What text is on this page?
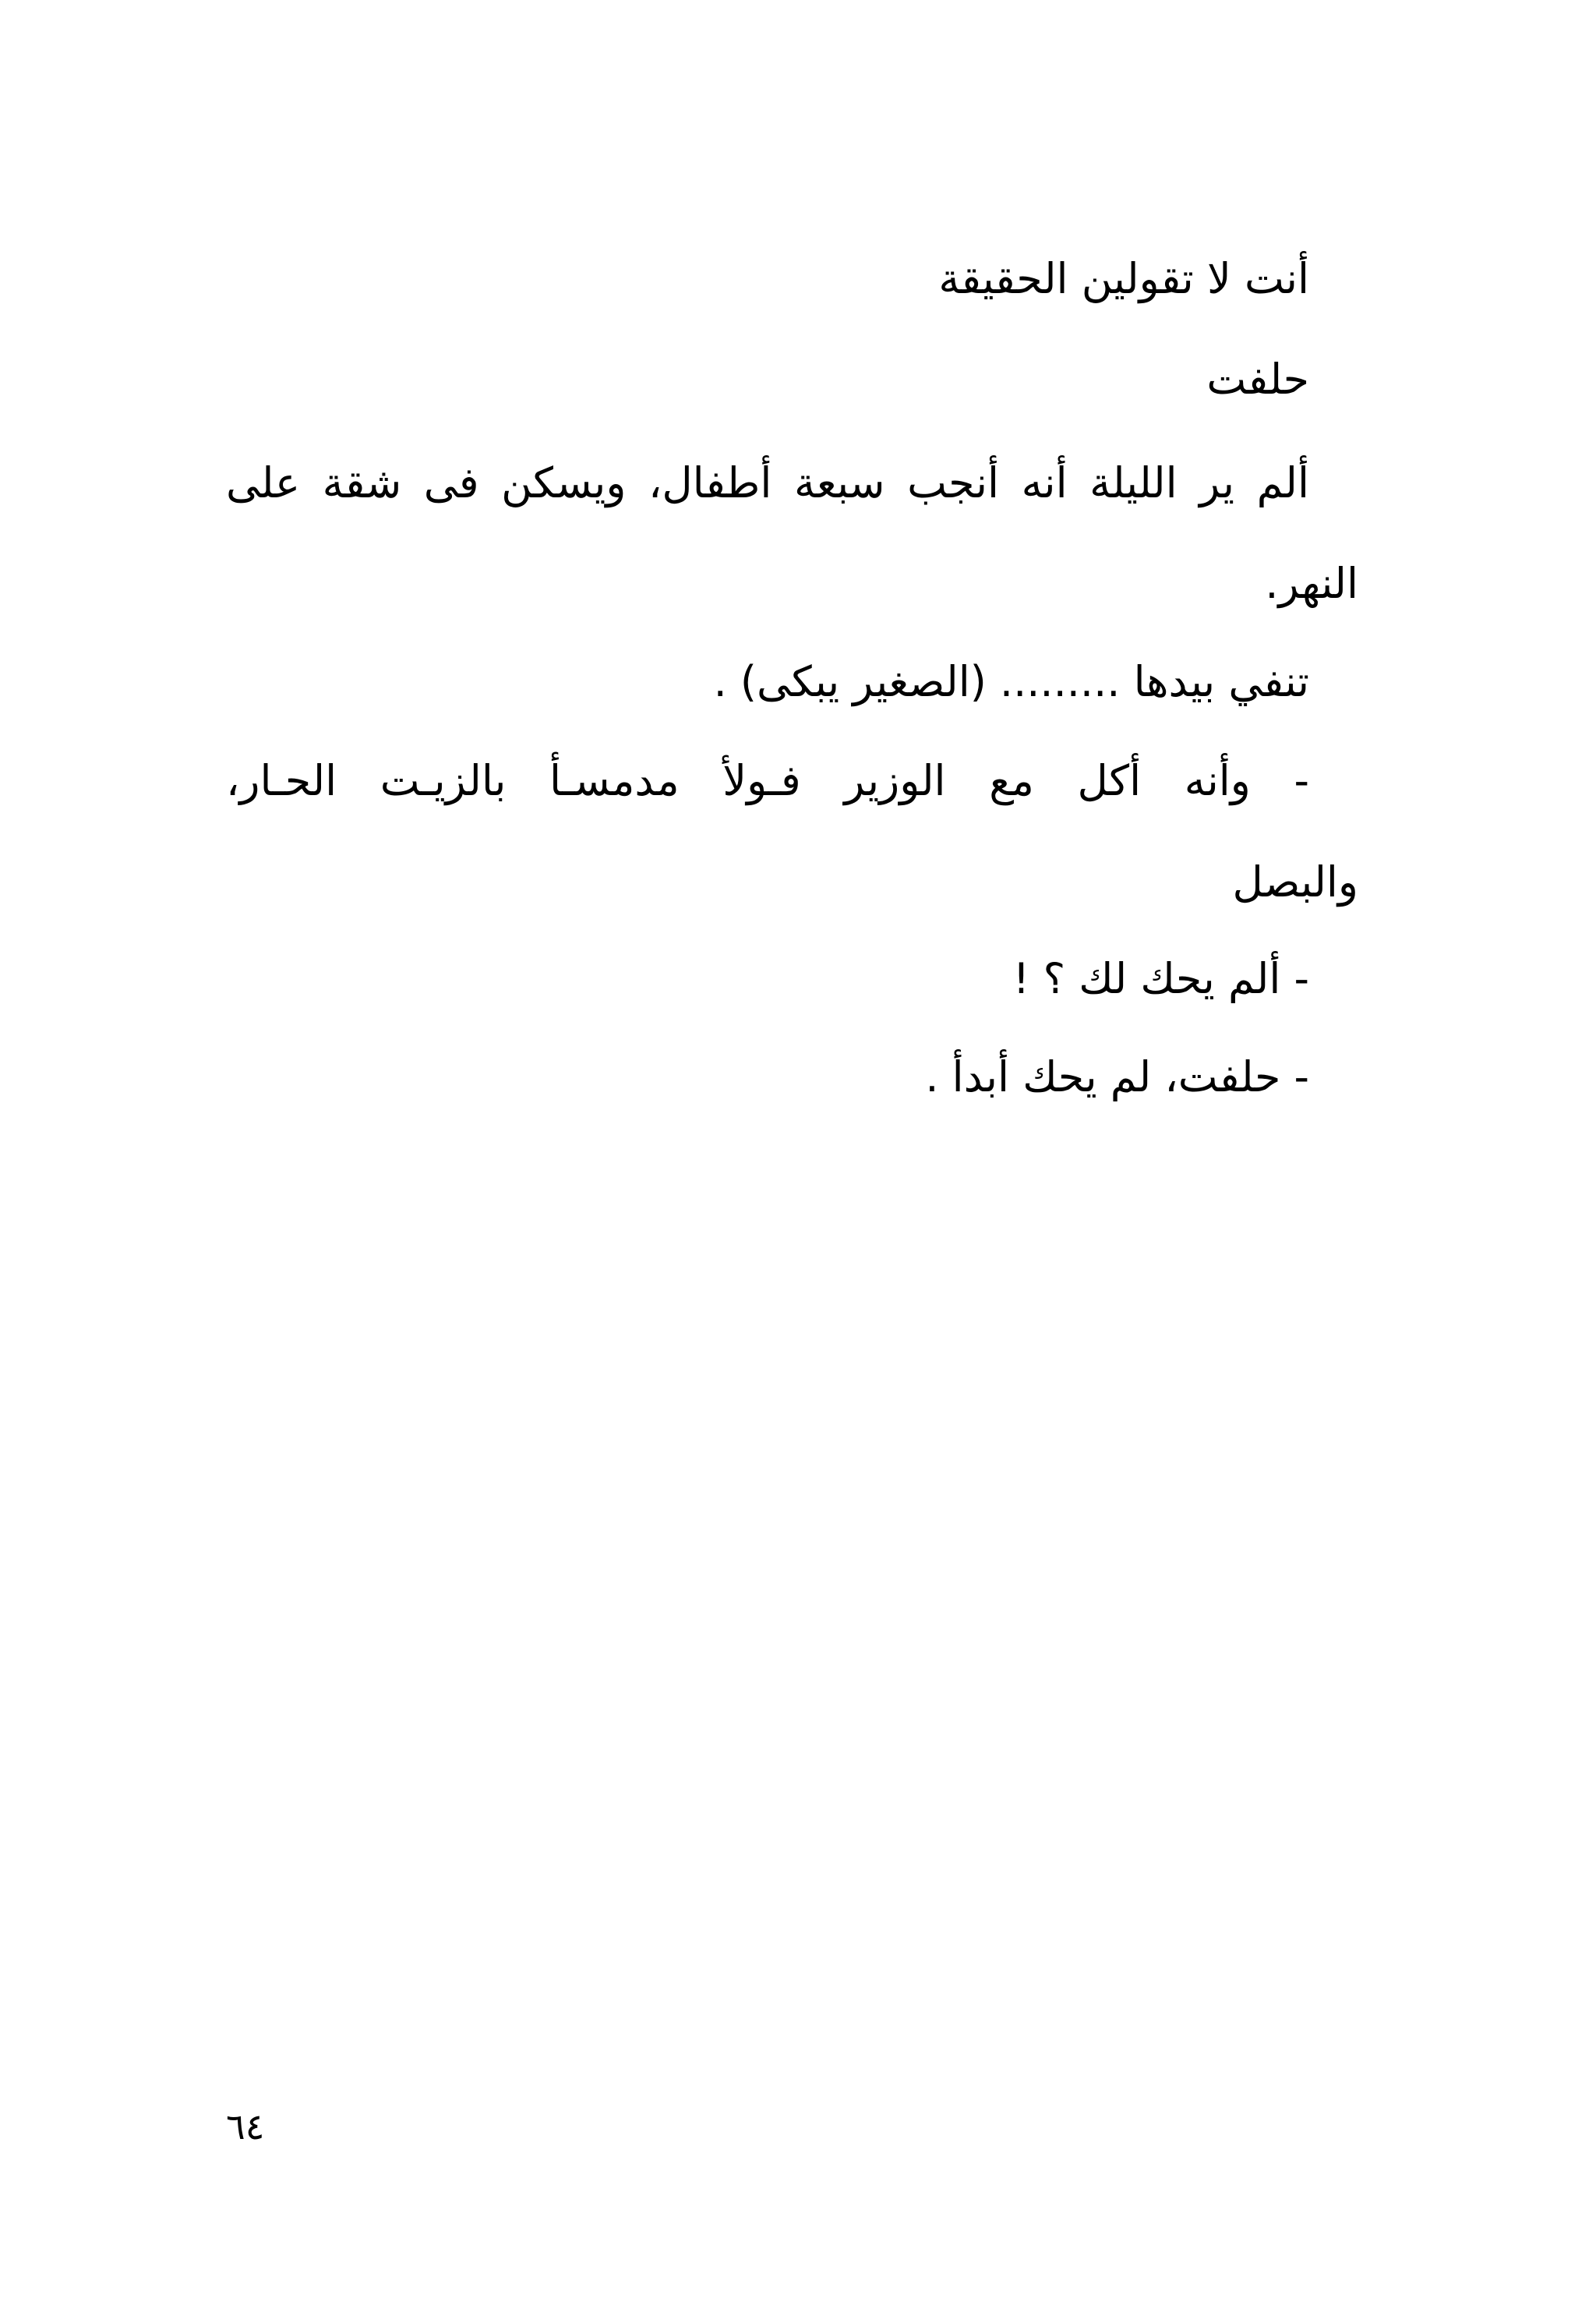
أنت لا تقولين الحقيقة
حلفت
ألم ير الليلة أنه أنجب سبعة أطفال، ويسكن فى شقة على
النهر.
تنفي بيدها ......... (الصغير يبكى) .
- وأنه أكل مع الوزير فـولأ مدمسـأ بالزيـت الحـار،
والبصل
- ألم يحك لك ؟ !
- حلفت، لم يحك أبدأ .
٦٤
